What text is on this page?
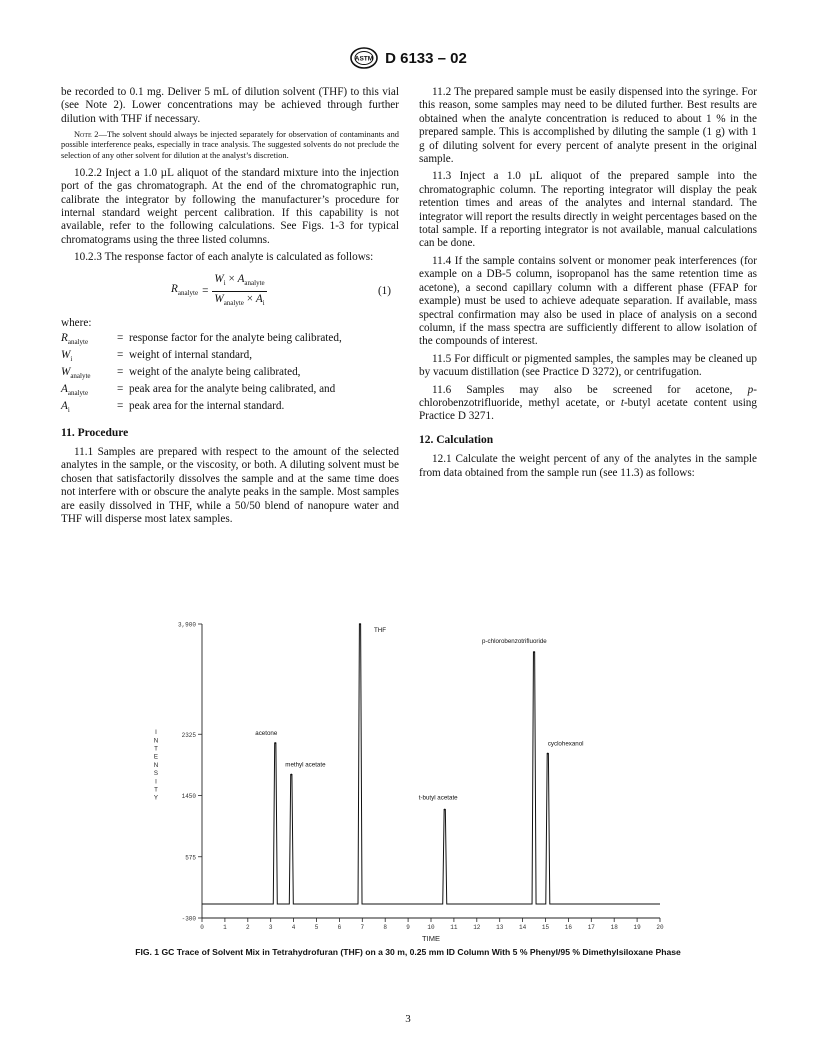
ASTM D 6133 – 02

be recorded to 0.1 mg. Deliver 5 mL of dilution solvent (THF) to this vial (see Note 2). Lower concentrations may be achieved through further dilution with THF if necessary.

Note 2—The solvent should always be injected separately for observation of contaminants and possible interference peaks, especially in trace analysis. The suggested solvents do not preclude the selection of any other solvent for dilution at the analyst’s discretion.

10.2.2 Inject a 1.0 µL aliquot of the standard mixture into the injection port of the gas chromatograph. At the end of the chromatographic run, calibrate the integrator by following the manufacturer’s procedure for internal standard weight percent calibration. If this capability is not available, refer to the following calculations. See Figs. 1-3 for typical chromatograms using the three listed columns.

10.2.3 The response factor of each analyte is calculated as follows:

$R_{analyte} = \frac{W_i \times A_{analyte}}{W_{analyte} \times A_i}$	(1)
where:
$R_{analyte}$	=	response factor for the analyte being calibrated,
$W_i$	=	weight of internal standard,
$W_{analyte}$	=	weight of the analyte being calibrated,
$A_{analyte}$	=	peak area for the analyte being calibrated, and
$A_i$	=	peak area for the internal standard.
11. Procedure

11.1 Samples are prepared with respect to the amount of the selected analytes in the sample, or the viscosity, or both. A diluting solvent must be chosen that satisfactorily dissolves the sample and at the same time does not interfere with or obscure the analyte peaks in the sample. Most samples are easily dissolved in THF, while a 50/50 blend of nanopure water and THF will disperse most latex samples.

11.2 The prepared sample must be easily dispensed into the syringe. For this reason, some samples may need to be diluted further. Best results are obtained when the analyte concentration is reduced to about 1 % in the prepared sample. This is accomplished by diluting the sample (1 g) with 1 g of diluting solvent for every percent of analyte present in the original sample.

11.3 Inject a 1.0 µL aliquot of the prepared sample into the chromatographic column. The reporting integrator will display the peak retention times and areas of the analytes and internal standard. The integrator will report the results directly in weight percentages based on the total sample. If a reporting integrator is not available, manual calculations can be done.

11.4 If the sample contains solvent or monomer peak interferences (for example on a DB-5 column, isopropanol has the same retention time as acetone), a second capillary column with a different phase (FFAP for example) must be used to achieve adequate separation. If available, mass spectral confirmation may also be used in place of analysis on a second column, if the mass spectra are sufficiently different to allow isolation of the compounds of interest.

11.5 For difficult or pigmented samples, the samples may be cleaned up by vacuum distillation (see Practice D 3272), or centrifugation.

11.6 Samples may also be screened for acetone, p-chlorobenzotrifluoride, methyl acetate, or t-butyl acetate content using Practice D 3271.

12. Calculation

12.1 Calculate the weight percent of any of the analytes in the sample from data obtained from the sample run (see 11.3) as follows:

3,900
2325
1450
575
-300
0	1	2	3	4	5	6	7	8	9	10	11	12	13	14	15	16	17	18	19	20
TIME
I
N
T
E
N
S
I
T
Y
acetone
methyl acetate
THF
t-butyl acetate
p-chlorobenzotrifluoride
cyclohexanol
FIG. 1 GC Trace of Solvent Mix in Tetrahydrofuran (THF) on a 30 m, 0.25 mm ID Column With 5 % Phenyl/95 % Dimethylsiloxane Phase
3
